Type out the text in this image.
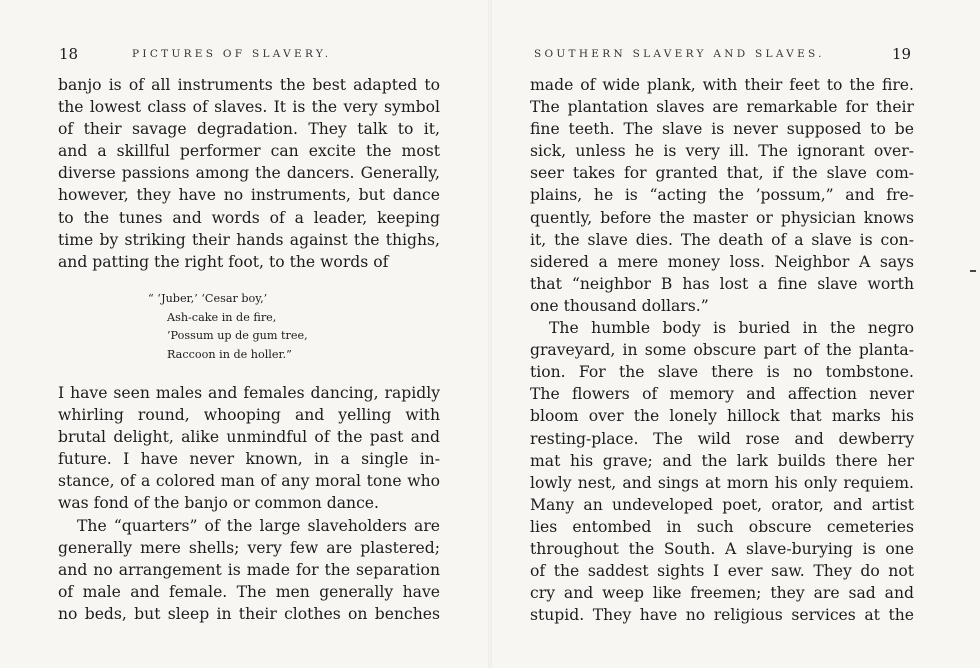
18	PICTURES OF SLAVERY.
banjo is of all instruments the best adapted to
the lowest class of slaves. It is the very symbol
of their savage degradation. They talk to it,
and a skillful performer can excite the most
diverse passions among the dancers. Generally,
however, they have no instruments, but dance
to the tunes and words of a leader, keeping
time by striking their hands against the thighs,
and patting the right foot, to the words of
“ ‘Juber,’ ‘Cesar boy,’
Ash-cake in de fire,
’Possum up de gum tree,
Raccoon in de holler.”
I have seen males and females dancing, rapidly
whirling round, whooping and yelling with
brutal delight, alike unmindful of the past and
future. I have never known, in a single in-
stance, of a colored man of any moral tone who
was fond of the banjo or common dance.
The “quarters” of the large slaveholders are
generally mere shells; very few are plastered;
and no arrangement is made for the separation
of male and female. The men generally have
no beds, but sleep in their clothes on benches
SOUTHERN SLAVERY AND SLAVES.	19
made of wide plank, with their feet to the fire.
The plantation slaves are remarkable for their
fine teeth. The slave is never supposed to be
sick, unless he is very ill. The ignorant over-
seer takes for granted that, if the slave com-
plains, he is “acting the ’possum,” and fre-
quently, before the master or physician knows
it, the slave dies. The death of a slave is con-
sidered a mere money loss. Neighbor A says
that “neighbor B has lost a fine slave worth
one thousand dollars.”
The humble body is buried in the negro
graveyard, in some obscure part of the planta-
tion. For the slave there is no tombstone.
The flowers of memory and affection never
bloom over the lonely hillock that marks his
resting-place. The wild rose and dewberry
mat his grave; and the lark builds there her
lowly nest, and sings at morn his only requiem.
Many an undeveloped poet, orator, and artist
lies entombed in such obscure cemeteries
throughout the South. A slave-burying is one
of the saddest sights I ever saw. They do not
cry and weep like freemen; they are sad and
stupid. They have no religious services at the
